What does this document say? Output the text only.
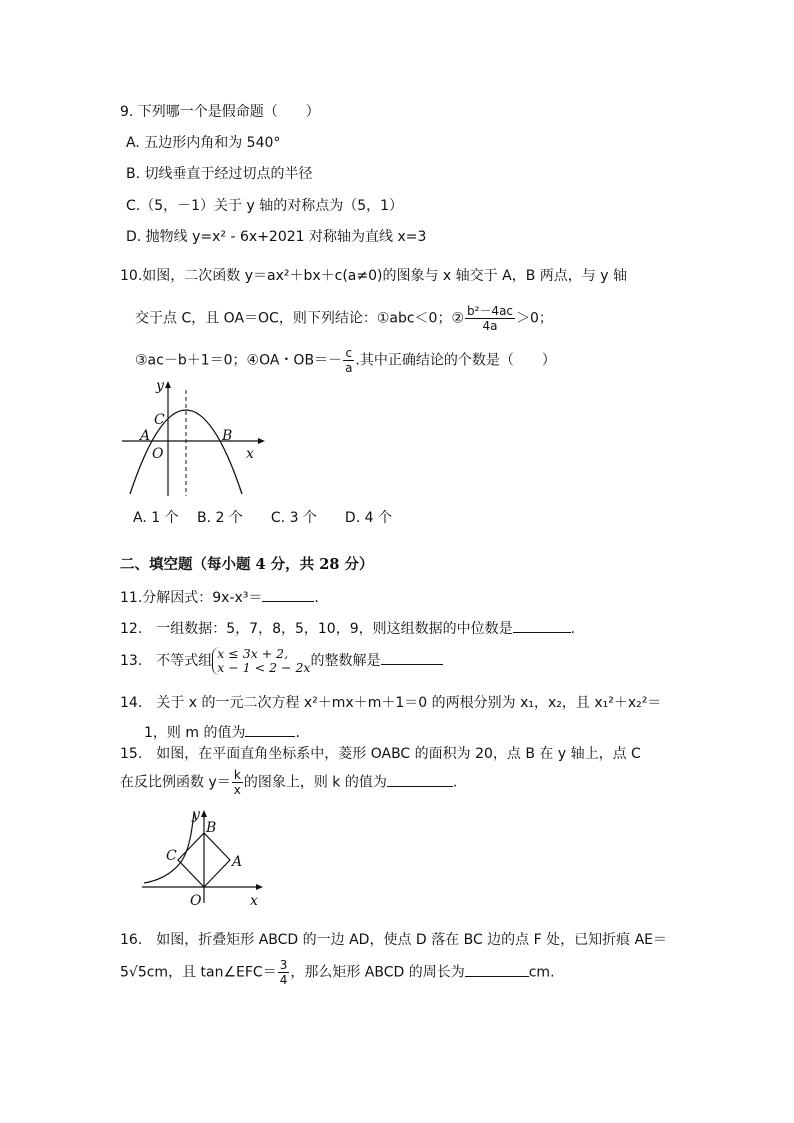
9. 下列哪一个是假命题（　　）
A. 五边形内角和为 540°
B. 切线垂直于经过切点的半径
C.（5，－1）关于 y 轴的对称点为（5，1）
D. 抛物线 y=x² - 6x+2021 对称轴为直线 x=3
10.如图，二次函数 y＝ax²＋bx＋c(a≠0)的图象与 x 轴交于 A，B 两点，与 y 轴
交于点 C，且 OA＝OC，则下列结论：①abc＜0；② $\frac{\text{b²－4ac}}{4a} >0$；
③ac－b＋1＝0；④OA・$OB=- \frac{c}{a}$ .其中正确结论的个数是（　　）
y
C
A	B
O	x
A. 1 个　 B. 2 个　　C. 3 个　　D. 4 个
二、填空题（每小题 4 分，共 28 分）
11.分解因式：9x-x³＝	.
12.　一组数据：5，7，8，5，10，9，则这组数据的中位数是	.
13.　不等式组 x ≤ 3x + 2,
x − 1 < 2 − 2x 的整数解是
14.　关于 x 的一元二次方程 x²＋mx＋m＋1＝0 的两根分别为 x₁，x₂，且 x₁²＋x₂²＝
1，则 m 的值为	.
15.　如图，在平面直角坐标系中，菱形 OABC 的面积为 20，点 B 在 y 轴上，点 C
在反比例函数 $y= \frac{k}{x}$ 的图象上，则 k 的值为	.
y
B
C	A
O	x
16.　如图，折叠矩形 ABCD 的一边 AD，使点 D 落在 BC 边的点 F 处，已知折痕 AE＝
5√5cm，且 tan∠EFC＝ $\frac{3}{4}$ ，那么矩形 ABCD 的周长为	cm.
